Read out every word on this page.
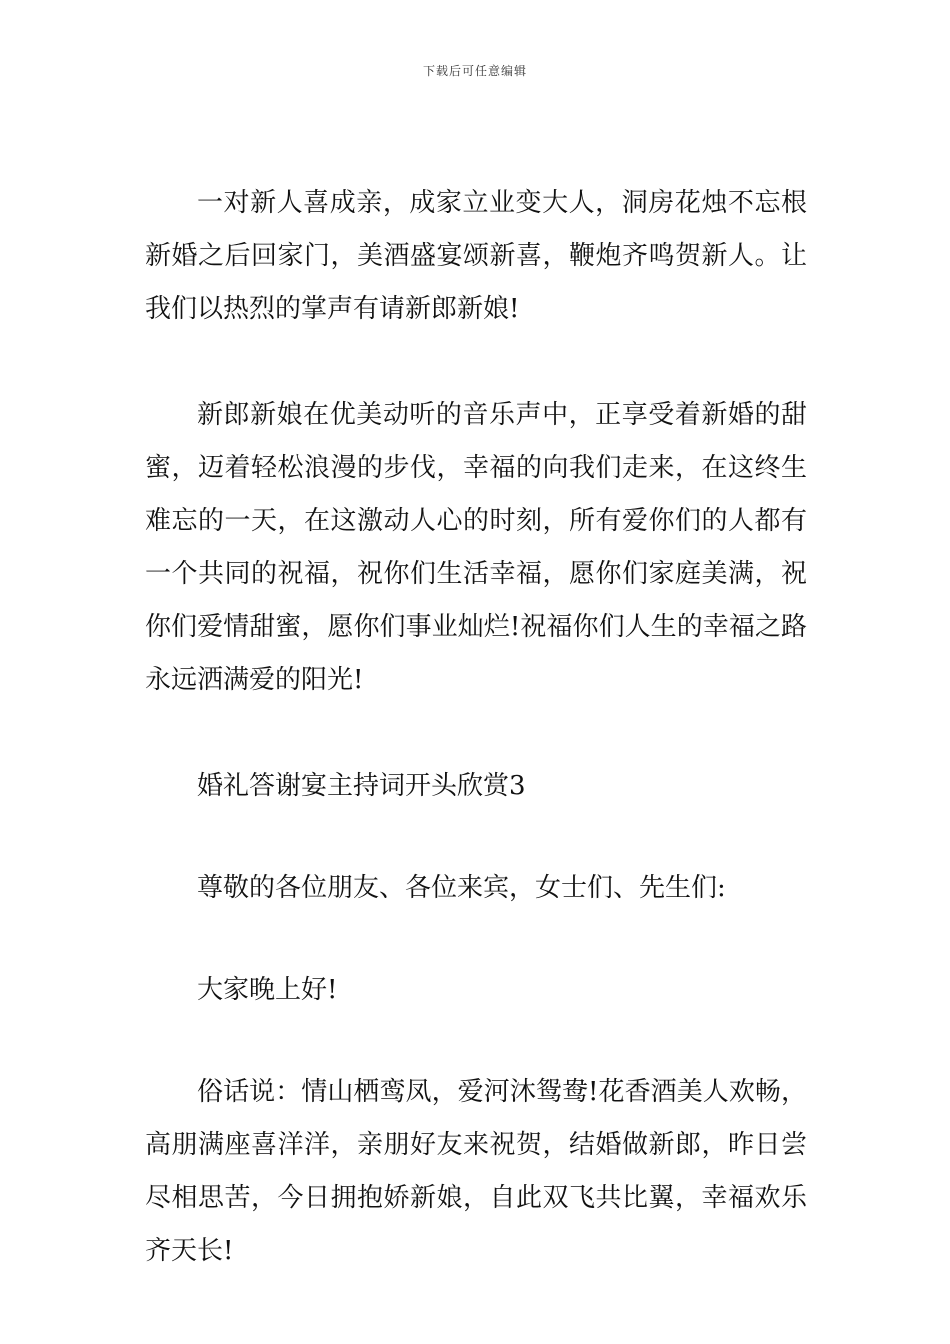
下载后可任意编辑

一对新人喜成亲，成家立业变大人，洞房花烛不忘根新婚之后回家门，美酒盛宴颂新喜，鞭炮齐鸣贺新人。让我们以热烈的掌声有请新郎新娘!

新郎新娘在优美动听的音乐声中，正享受着新婚的甜蜜，迈着轻松浪漫的步伐，幸福的向我们走来，在这终生难忘的一天，在这激动人心的时刻，所有爱你们的人都有一个共同的祝福，祝你们生活幸福，愿你们家庭美满，祝你们爱情甜蜜，愿你们事业灿烂!祝福你们人生的幸福之路永远洒满爱的阳光!

婚礼答谢宴主持词开头欣赏3

尊敬的各位朋友、各位来宾，女士们、先生们:

大家晚上好!

俗话说：情山栖鸾凤，爱河沐鸳鸯!花香酒美人欢畅，高朋满座喜洋洋，亲朋好友来祝贺，结婚做新郎，昨日尝尽相思苦，今日拥抱娇新娘，自此双飞共比翼，幸福欢乐齐天长!
